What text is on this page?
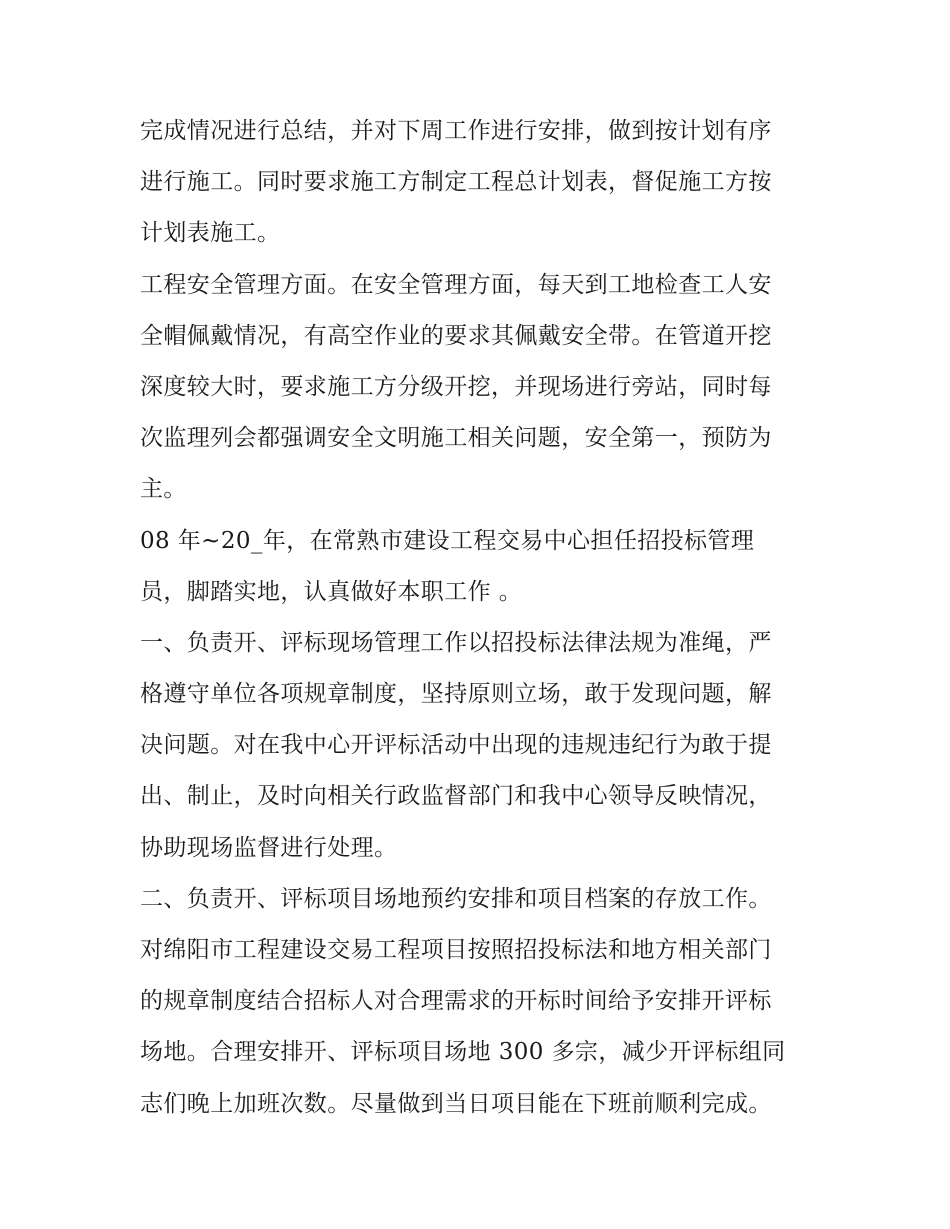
完成情况进行总结，并对下周工作进行安排，做到按计划有序
进行施工。同时要求施工方制定工程总计划表，督促施工方按
计划表施工。
工程安全管理方面。在安全管理方面，每天到工地检查工人安
全帽佩戴情况，有高空作业的要求其佩戴安全带。在管道开挖
深度较大时，要求施工方分级开挖，并现场进行旁站，同时每
次监理列会都强调安全文明施工相关问题，安全第一，预防为
主。
08 年~20_年，在常熟市建设工程交易中心担任招投标管理
员，脚踏实地，认真做好本职工作 。
一、负责开、评标现场管理工作以招投标法律法规为准绳，严
格遵守单位各项规章制度，坚持原则立场，敢于发现问题，解
决问题。对在我中心开评标活动中出现的违规违纪行为敢于提
出、制止，及时向相关行政监督部门和我中心领导反映情况，
协助现场监督进行处理。
二、负责开、评标项目场地预约安排和项目档案的存放工作。
对绵阳市工程建设交易工程项目按照招投标法和地方相关部门
的规章制度结合招标人对合理需求的开标时间给予安排开评标
场地。合理安排开、评标项目场地 300 多宗，减少开评标组同
志们晚上加班次数。尽量做到当日项目能在下班前顺利完成。
